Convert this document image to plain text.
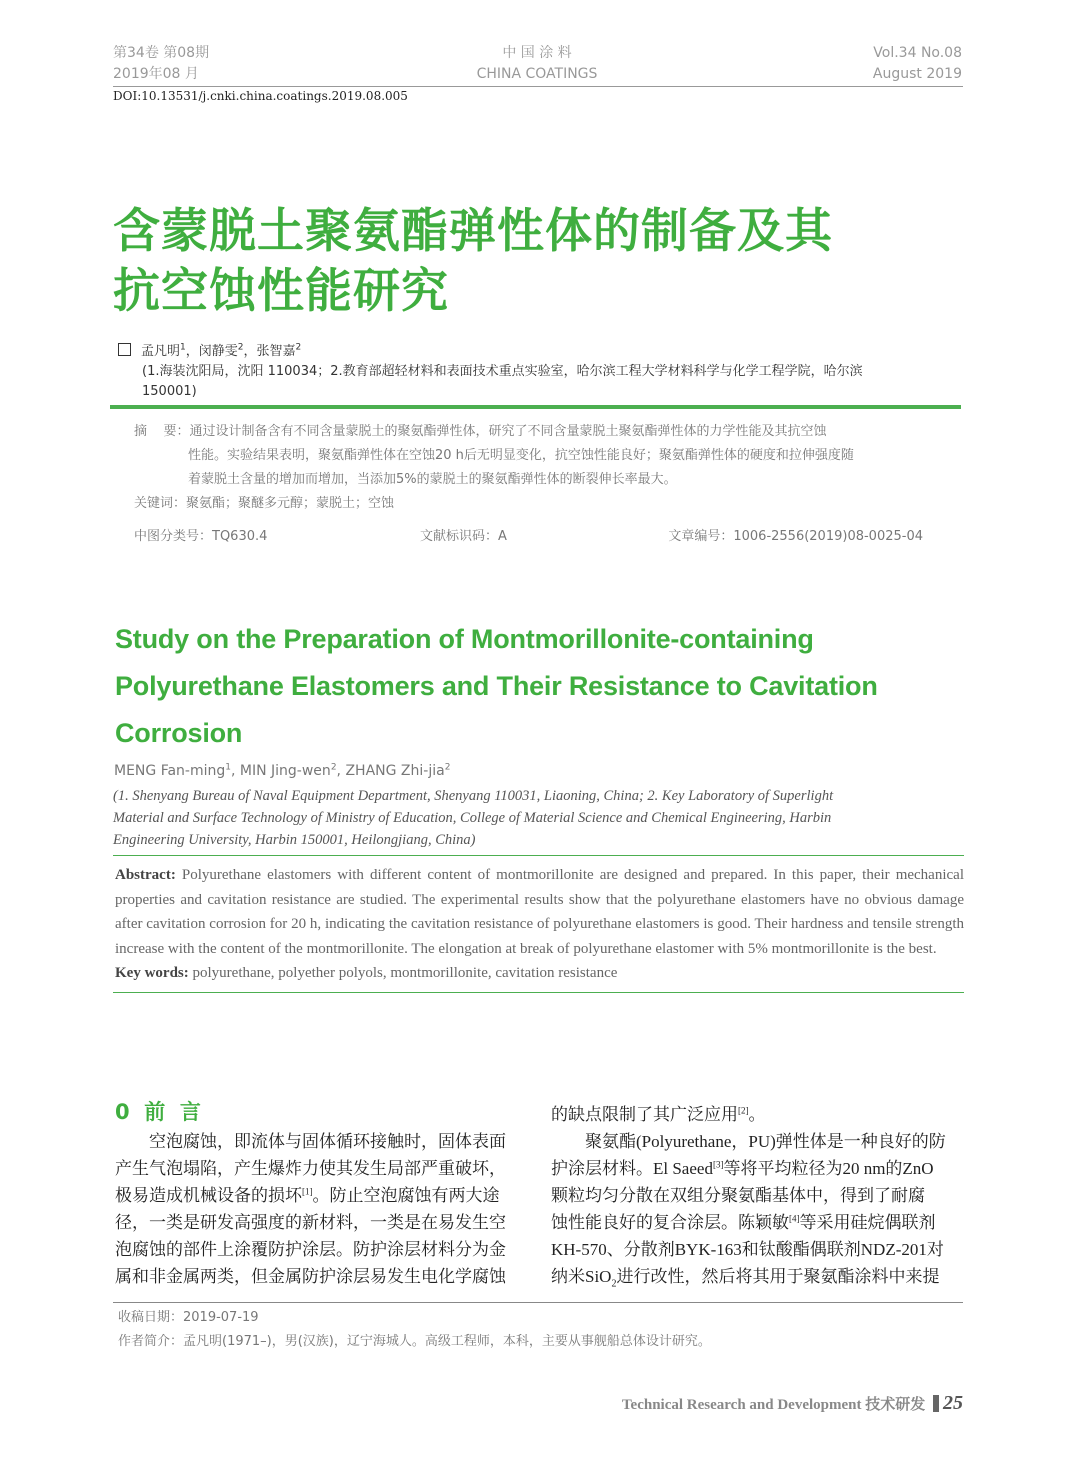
第34卷 第08期
2019年08 月
中 国 涂 料
CHINA COATINGS
Vol.34 No.08
August 2019
DOI:10.13531/j.cnki.china.coatings.2019.08.005
含蒙脱土聚氨酯弹性体的制备及其
抗空蚀性能研究
孟凡明$^1$，闵静雯$^2$，张智嘉$^2$
(1.海装沈阳局，沈阳 110034；2.教育部超轻材料和表面技术重点实验室，哈尔滨工程大学材料科学与化学工程学院，哈尔滨
150001)
摘    要：通过设计制备含有不同含量蒙脱土的聚氨酯弹性体，研究了不同含量蒙脱土聚氨酯弹性体的力学性能及其抗空蚀
性能。实验结果表明，聚氨酯弹性体在空蚀20 h后无明显变化，抗空蚀性能良好；聚氨酯弹性体的硬度和拉伸强度随
着蒙脱土含量的增加而增加，当添加5%的蒙脱土的聚氨酯弹性体的断裂伸长率最大。
关键词：聚氨酯；聚醚多元醇；蒙脱土；空蚀
中图分类号：TQ630.4	文献标识码：A	文章编号：1006-2556(2019)08-0025-04
Study on the Preparation of Montmorillonite-containing
Polyurethane Elastomers and Their Resistance to Cavitation
Corrosion
MENG Fan-ming$^1$, MIN Jing-wen$^2$, ZHANG Zhi-jia$^2$
(1. Shenyang Bureau of Naval Equipment Department, Shenyang 110031, Liaoning, China; 2. Key Laboratory of Superlight
Material and Surface Technology of Ministry of Education, College of Material Science and Chemical Engineering, Harbin
Engineering University, Harbin 150001, Heilongjiang, China)
Abstract: Polyurethane elastomers with different content of montmorillonite are designed and prepared. In this paper, their mechanical properties and cavitation resistance are studied. The experimental results show that the polyurethane elastomers have no obvious damage after cavitation corrosion for 20 h, indicating the cavitation resistance of polyurethane elastomers is good. Their hardness and tensile strength increase with the content of the montmorillonite. The elongation at break of polyurethane elastomer with 5% montmorillonite is the best.
Key words: polyurethane, polyether polyols, montmorillonite, cavitation resistance
0  前  言
　　空泡腐蚀，即流体与固体循环接触时，固体表面
产生气泡塌陷，产生爆炸力使其发生局部严重破坏，
极易造成机械设备的损坏[1]。防止空泡腐蚀有两大途
径，一类是研发高强度的新材料，一类是在易发生空
泡腐蚀的部件上涂覆防护涂层。防护涂层材料分为金
属和非金属两类，但金属防护涂层易发生电化学腐蚀
的缺点限制了其广泛应用[2]。
　　聚氨酯(Polyurethane，PU)弹性体是一种良好的防
护涂层材料。El Saeed[3]等将平均粒径为20 nm的ZnO
颗粒均匀分散在双组分聚氨酯基体中，得到了耐腐
蚀性能良好的复合涂层。陈颖敏[4]等采用硅烷偶联剂
KH-570、分散剂BYK-163和钛酸酯偶联剂NDZ-201对
纳米SiO$_2$进行改性，然后将其用于聚氨酯涂料中来提
收稿日期：2019-07-19
作者简介：孟凡明(1971–)，男(汉族)，辽宁海城人。高级工程师，本科，主要从事舰船总体设计研究。
Technical Research and Development 技术研发 25
